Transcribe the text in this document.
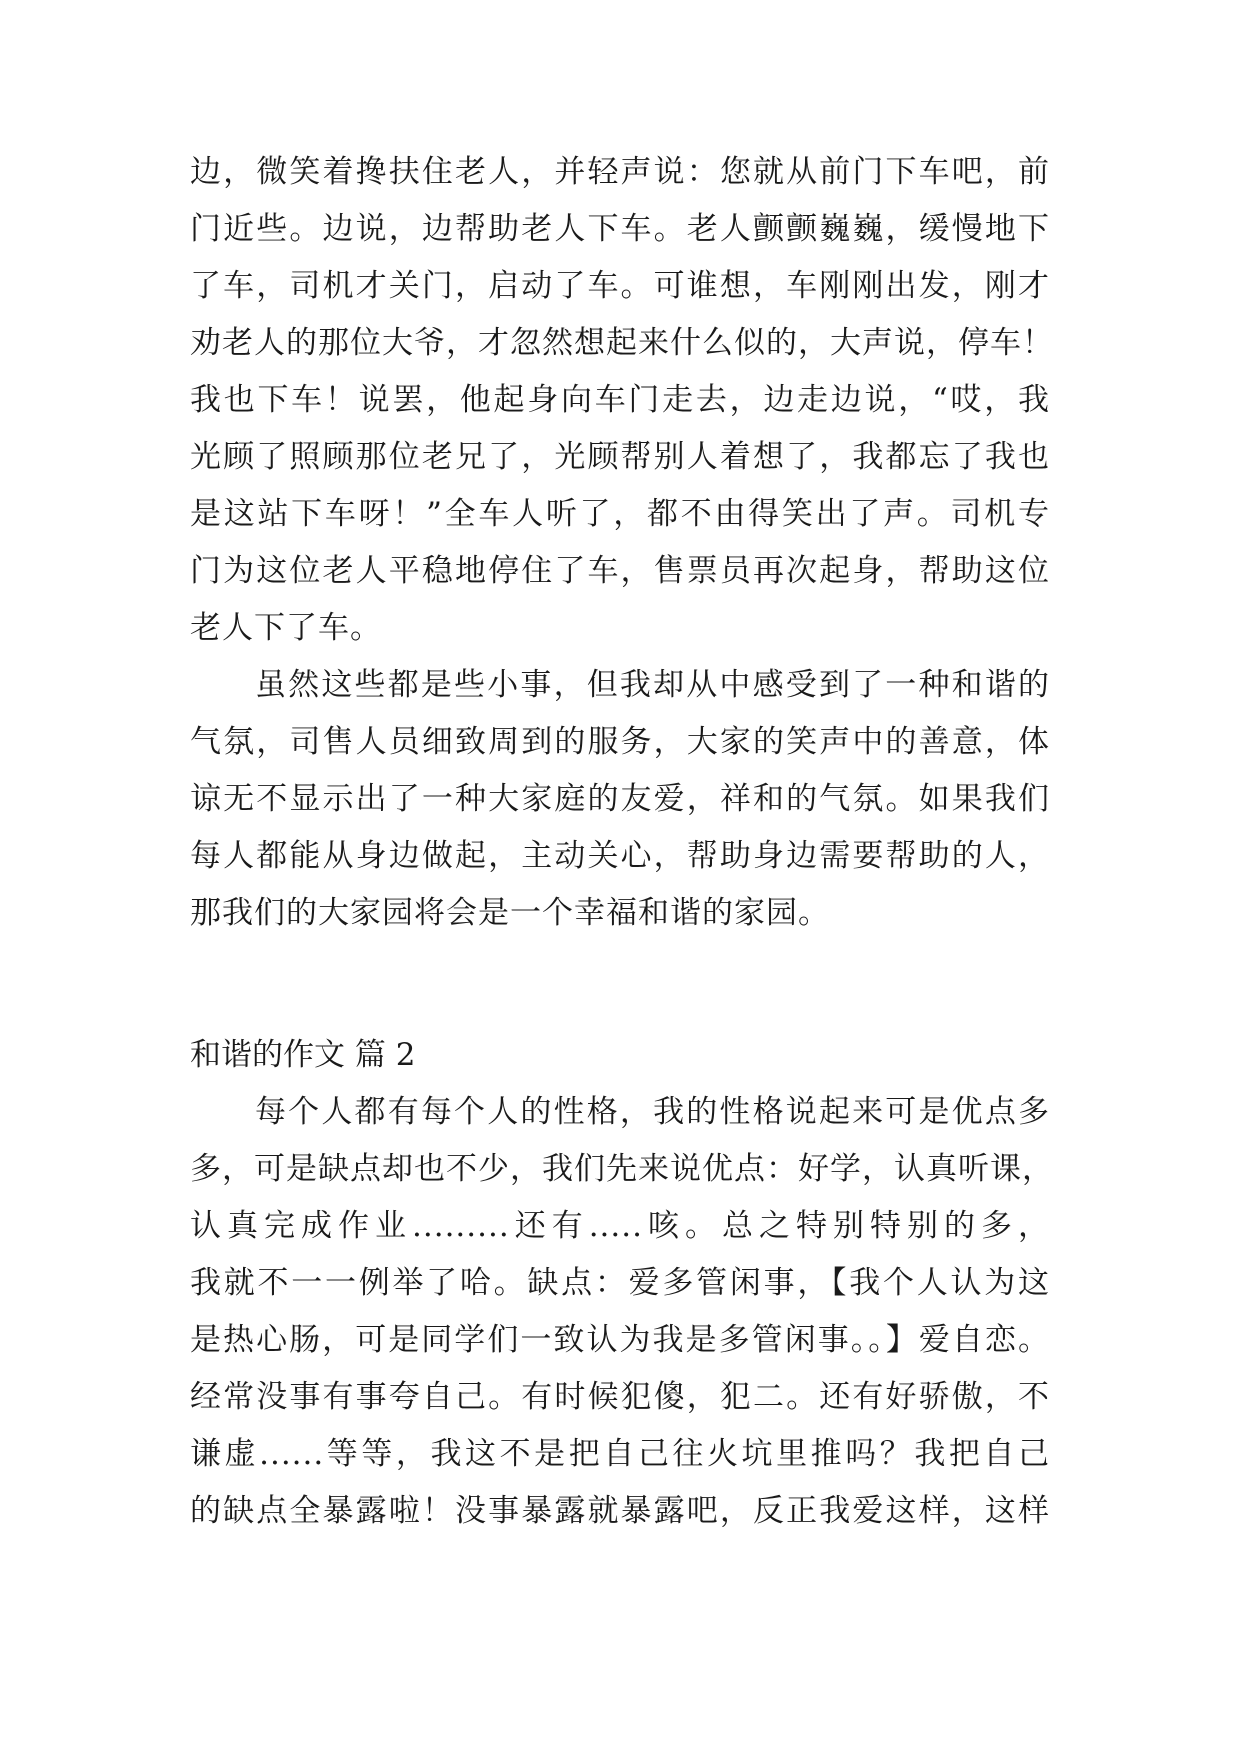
边，微笑着搀扶住老人，并轻声说：您就从前门下车吧，前
门近些。边说，边帮助老人下车。老人颤颤巍巍，缓慢地下
了车，司机才关门，启动了车。可谁想，车刚刚出发，刚才
劝老人的那位大爷，才忽然想起来什么似的，大声说，停车！
我也下车！说罢，他起身向车门走去，边走边说，“哎，我
光顾了照顾那位老兄了，光顾帮别人着想了，我都忘了我也
是这站下车呀！”全车人听了，都不由得笑出了声。司机专
门为这位老人平稳地停住了车，售票员再次起身，帮助这位
老人下了车。
虽然这些都是些小事，但我却从中感受到了一种和谐的
气氛，司售人员细致周到的服务，大家的笑声中的善意，体
谅无不显示出了一种大家庭的友爱，祥和的气氛。如果我们
每人都能从身边做起，主动关心，帮助身边需要帮助的人，
那我们的大家园将会是一个幸福和谐的家园。
和谐的作文 篇 2
每个人都有每个人的性格，我的性格说起来可是优点多
多，可是缺点却也不少，我们先来说优点：好学，认真听课，
认真完成作业.........还有.....咳。总之特别特别的多，
我就不一一例举了哈。缺点：爱多管闲事，【我个人认为这
是热心肠，可是同学们一致认为我是多管闲事。。】爱自恋。
经常没事有事夸自己。有时候犯傻，犯二。还有好骄傲，不
谦虚......等等，我这不是把自己往火坑里推吗？我把自己
的缺点全暴露啦！没事暴露就暴露吧，反正我爱这样，这样
